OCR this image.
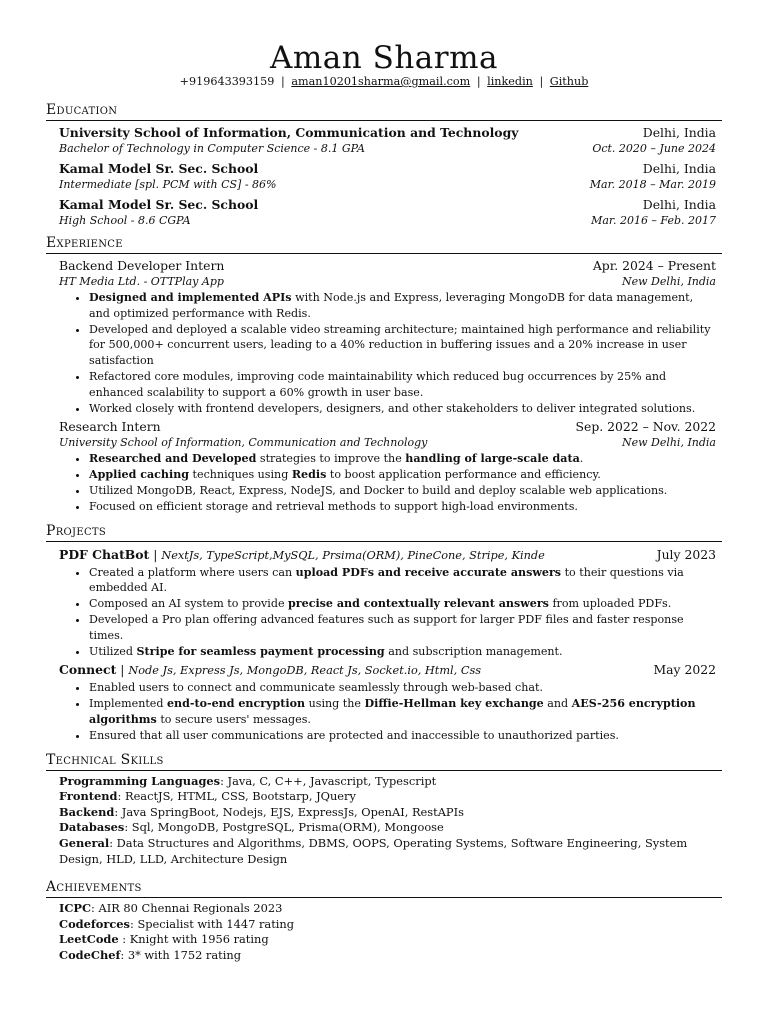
Aman Sharma
+919643393159 | aman10201sharma@gmail.com | linkedin | Github
Education
University School of Information, Communication and Technology	Delhi, India
Bachelor of Technology in Computer Science - 8.1 GPA	Oct. 2020 – June 2024
Kamal Model Sr. Sec. School	Delhi, India
Intermediate [spl. PCM with CS] - 86%	Mar. 2018 – Mar. 2019
Kamal Model Sr. Sec. School	Delhi, India
High School - 8.6 CGPA	Mar. 2016 – Feb. 2017
Experience
Backend Developer Intern	Apr. 2024 – Present
HT Media Ltd. - OTTPlay App	New Delhi, India
• Designed and implemented APIs with Node.js and Express, leveraging MongoDB for data management, and optimized performance with Redis.
• Developed and deployed a scalable video streaming architecture; maintained high performance and reliability for 500,000+ concurrent users, leading to a 40% reduction in buffering issues and a 20% increase in user satisfaction
• Refactored core modules, improving code maintainability which reduced bug occurrences by 25% and enhanced scalability to support a 60% growth in user base.
• Worked closely with frontend developers, designers, and other stakeholders to deliver integrated solutions.
Research Intern	Sep. 2022 – Nov. 2022
University School of Information, Communication and Technology	New Delhi, India
• Researched and Developed strategies to improve the handling of large-scale data.
• Applied caching techniques using Redis to boost application performance and efficiency.
• Utilized MongoDB, React, Express, NodeJS, and Docker to build and deploy scalable web applications.
• Focused on efficient storage and retrieval methods to support high-load environments.
Projects
PDF ChatBot | NextJs, TypeScript,MySQL, Prsima(ORM), PineCone, Stripe, Kinde	July 2023
• Created a platform where users can upload PDFs and receive accurate answers to their questions via embedded AI.
• Composed an AI system to provide precise and contextually relevant answers from uploaded PDFs.
• Developed a Pro plan offering advanced features such as support for larger PDF files and faster response times.
• Utilized Stripe for seamless payment processing and subscription management.
Connect | Node Js, Express Js, MongoDB, React Js, Socket.io, Html, Css	May 2022
• Enabled users to connect and communicate seamlessly through web-based chat.
• Implemented end-to-end encryption using the Diffie-Hellman key exchange and AES-256 encryption algorithms to secure users' messages.
• Ensured that all user communications are protected and inaccessible to unauthorized parties.
Technical Skills
Programming Languages: Java, C, C++, Javascript, Typescript
Frontend: ReactJS, HTML, CSS, Bootstarp, JQuery
Backend: Java SpringBoot, Nodejs, EJS, ExpressJs, OpenAI, RestAPIs
Databases: Sql, MongoDB, PostgreSQL, Prisma(ORM), Mongoose
General: Data Structures and Algorithms, DBMS, OOPS, Operating Systems, Software Engineering, System Design, HLD, LLD, Architecture Design
Achievements
ICPC: AIR 80 Chennai Regionals 2023
Codeforces: Specialist with 1447 rating
LeetCode : Knight with 1956 rating
CodeChef: 3* with 1752 rating
